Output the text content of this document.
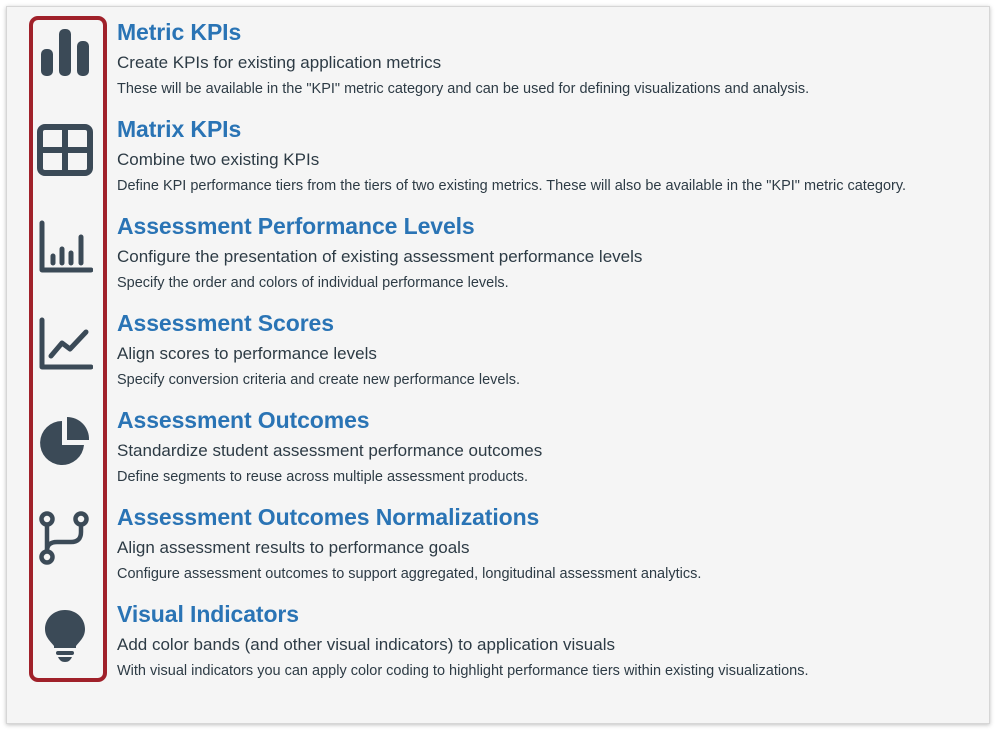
Metric KPIs
Create KPIs for existing application metrics
These will be available in the "KPI" metric category and can be used for defining visualizations and analysis.
Matrix KPIs
Combine two existing KPIs
Define KPI performance tiers from the tiers of two existing metrics. These will also be available in the "KPI" metric category.
Assessment Performance Levels
Configure the presentation of existing assessment performance levels
Specify the order and colors of individual performance levels.
Assessment Scores
Align scores to performance levels
Specify conversion criteria and create new performance levels.
Assessment Outcomes
Standardize student assessment performance outcomes
Define segments to reuse across multiple assessment products.
Assessment Outcomes Normalizations
Align assessment results to performance goals
Configure assessment outcomes to support aggregated, longitudinal assessment analytics.
Visual Indicators
Add color bands (and other visual indicators) to application visuals
With visual indicators you can apply color coding to highlight performance tiers within existing visualizations.
